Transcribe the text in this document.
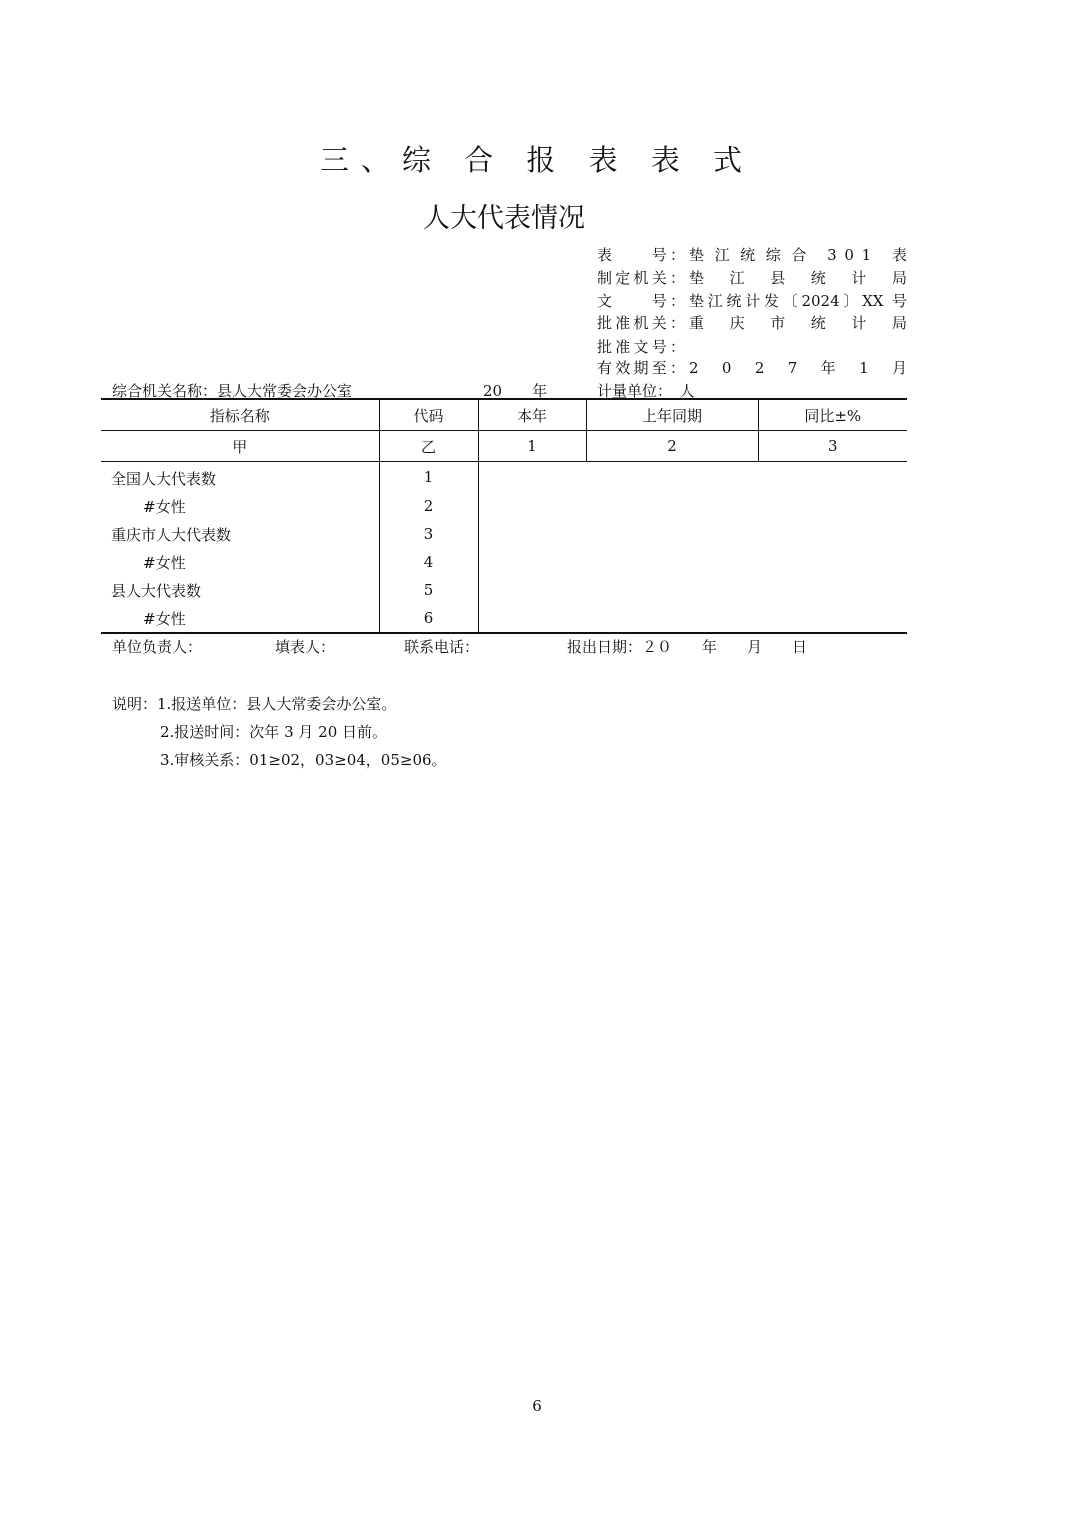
三、综 合 报 表 表 式
人大代表情况
表　　号： 垫 江 统 综 合　3 0 1　表
制定机关： 垫　江　县　统　计　局
文　　号： 垫江统计发〔2024〕XX 号
批准机关： 重　庆　市　统　计　局
批准文号：
有效期至： 2　0　2　7　年　1　月
综合机关名称：县人大常委会办公室	20　　年	计量单位：　人
指标名称	代码	本年	上年同期	同比±%
甲	乙	1	2	3
全国人大代表数	1			
#女性	2			
重庆市人大代表数	3			
#女性	4			
县人大代表数	5			
#女性	6			
单位负责人：	填表人：	联系电话：	报出日期：２０　　年　　月　　日
说明：1.报送单位：县人大常委会办公室。
2.报送时间：次年 3 月 20 日前。
3.审核关系：01≥02，03≥04，05≥06。
6
